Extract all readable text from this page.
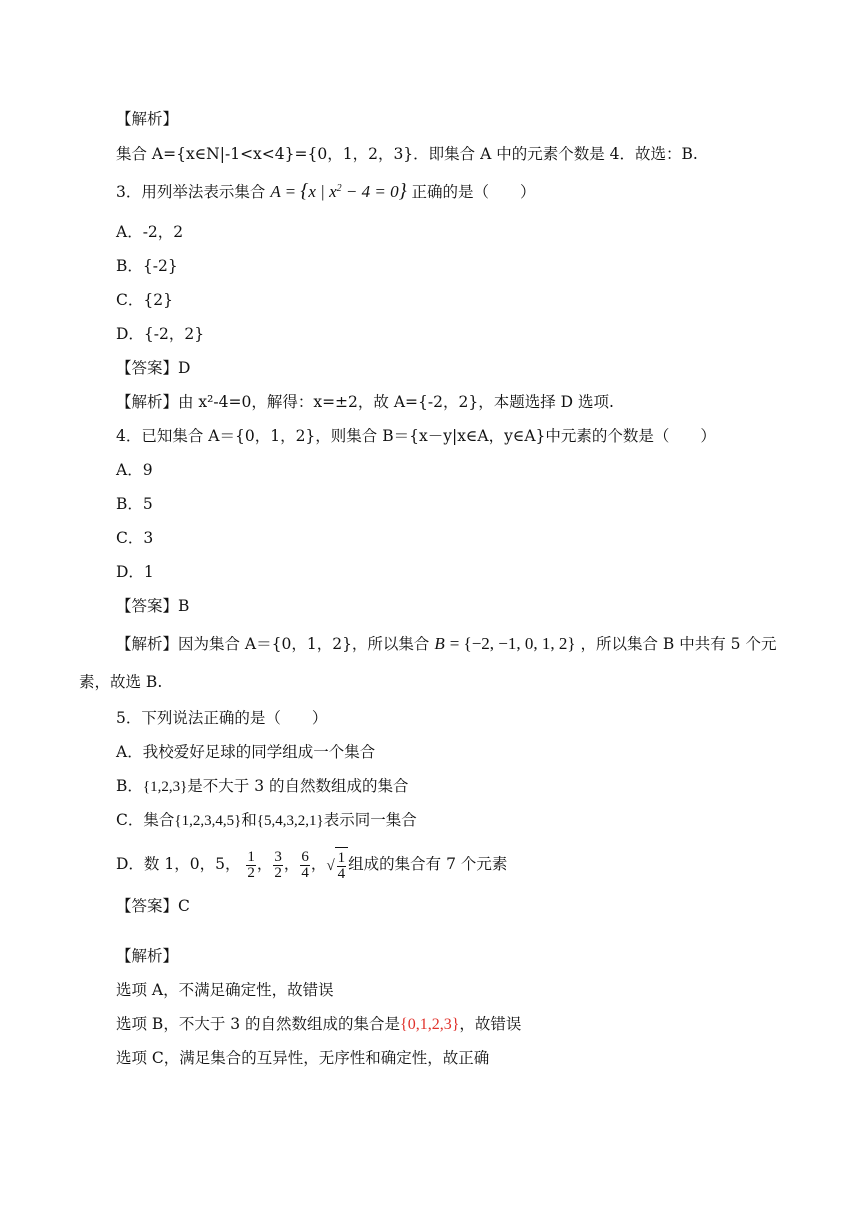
【解析】
集合 A={x∈N|-1<x<4}={0，1，2，3}．即集合 A 中的元素个数是 4．故选：B.
3．用列举法表示集合 A = {x | $x^2 - 4 = 0$} 正确的是（　　）
A．-2，2
B．{-2}
C．{2}
D．{-2，2}
【答案】D
【解析】由 x²-4=0，解得：x=±2，故 A={-2，2}，本题选择 D 选项.
4．已知集合 A＝{0，1，2}，则集合 B＝{x－y|x∈A，y∈A}中元素的个数是（　　）
A．9
B．5
C．3
D．1
【答案】B
【解析】因为集合 A＝{0，1，2}，所以集合 B = {−2, −1, 0, 1, 2} ，所以集合 B 中共有 5 个元
素，故选 B.
5．下列说法正确的是（　　）
A．我校爱好足球的同学组成一个集合
B．{1,2,3}是不大于 3 的自然数组成的集合
C．集合{1,2,3,4,5}和{5,4,3,2,1}表示同一集合
D．数 1，0，5， $\frac{1}{2}$ ， $\frac{3}{2}$ ， $\frac{6}{4}$ ，√ $\frac{1}{4}$ 组成的集合有 7 个元素
【答案】C
【解析】
选项 A，不满足确定性，故错误
选项 B，不大于 3 的自然数组成的集合是{0,1,2,3}，故错误
选项 C，满足集合的互异性，无序性和确定性，故正确
